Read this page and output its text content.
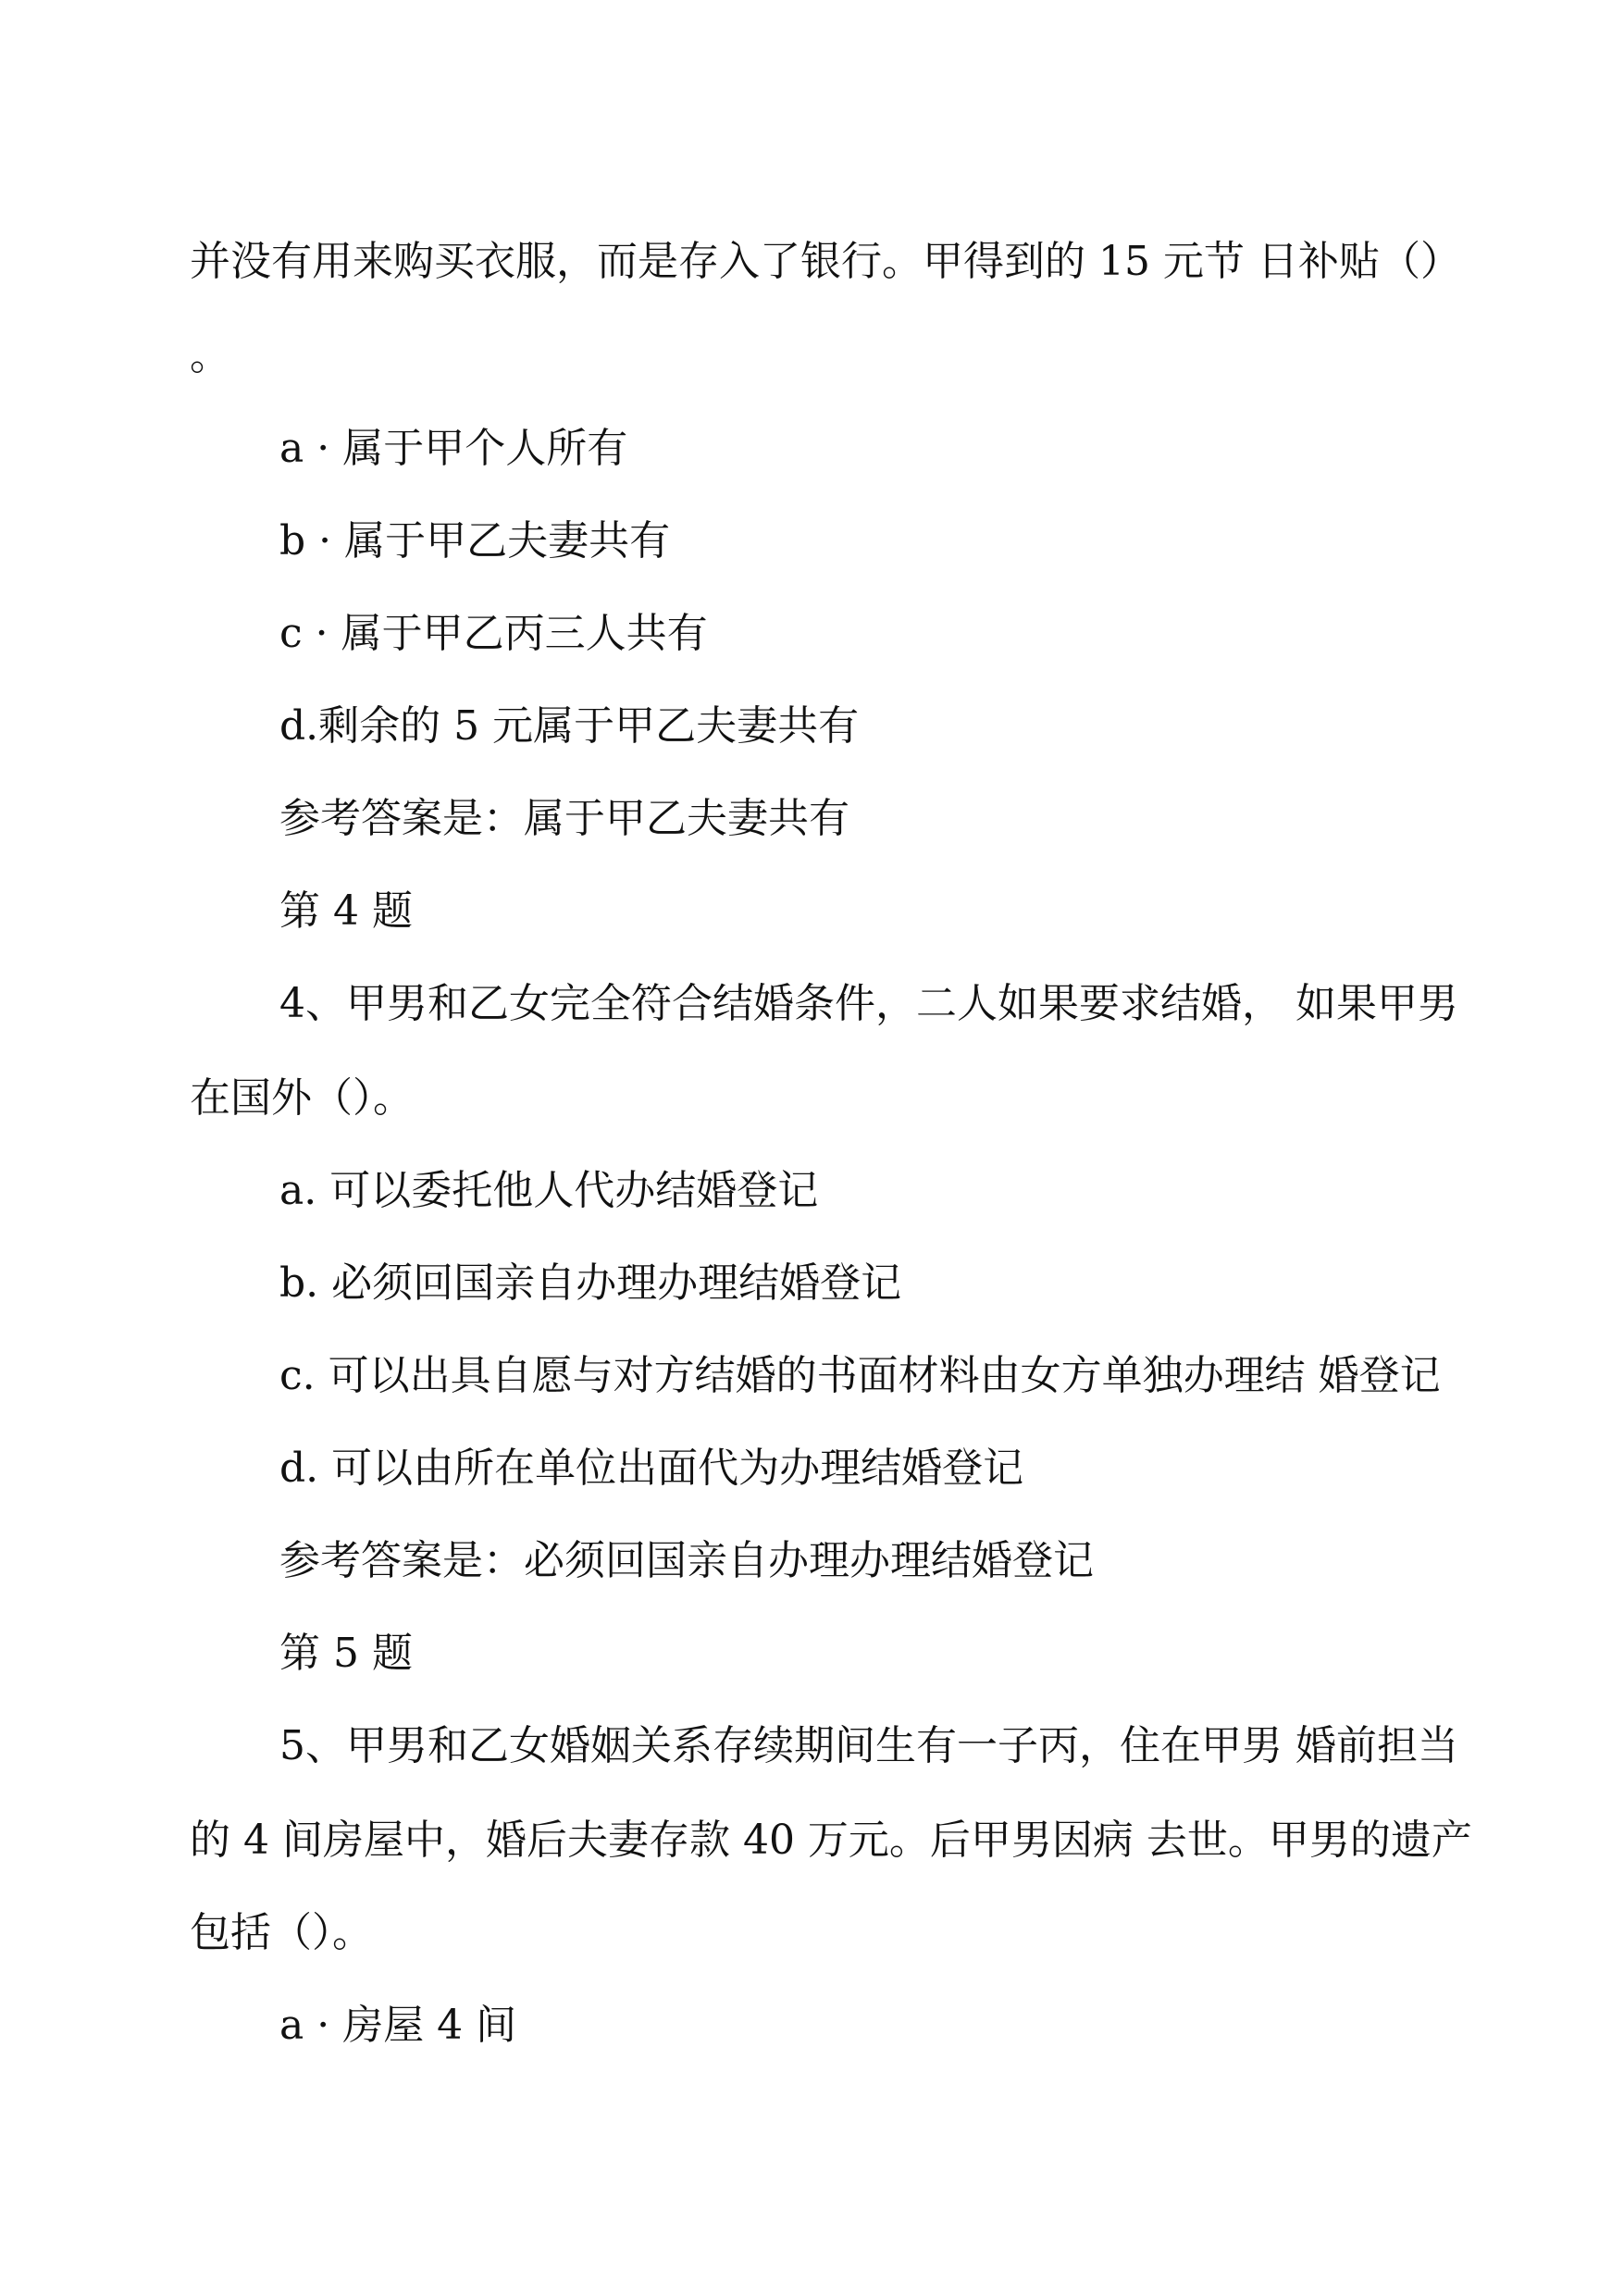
并没有用来购买衣服，而是存入了银行。甲得到的 15 元节 日补贴（）
。
a · 属于甲个人所有
b · 属于甲乙夫妻共有
c · 属于甲乙丙三人共有
d.剩余的 5 元属于甲乙夫妻共有
参考答案是：属于甲乙夫妻共有
第 4 题
4、甲男和乙女完全符合结婚条件，二人如果要求结婚， 如果甲男
在国外（）。
a. 可以委托他人代办结婚登记
b. 必须回国亲自办理办理结婚登记
c. 可以出具自愿与对方结婚的书面材料由女方单独办理结 婚登记
d. 可以由所在单位出面代为办理结婚登记
参考答案是：必须回国亲自办理办理结婚登记
第 5 题
5、甲男和乙女婚姻关系存续期间生有一子丙，住在甲男 婚前担当
的 4 间房屋中，婚后夫妻存款 40 万元。后甲男因病 去世。甲男的遗产
包括（）。
a · 房屋 4 间
